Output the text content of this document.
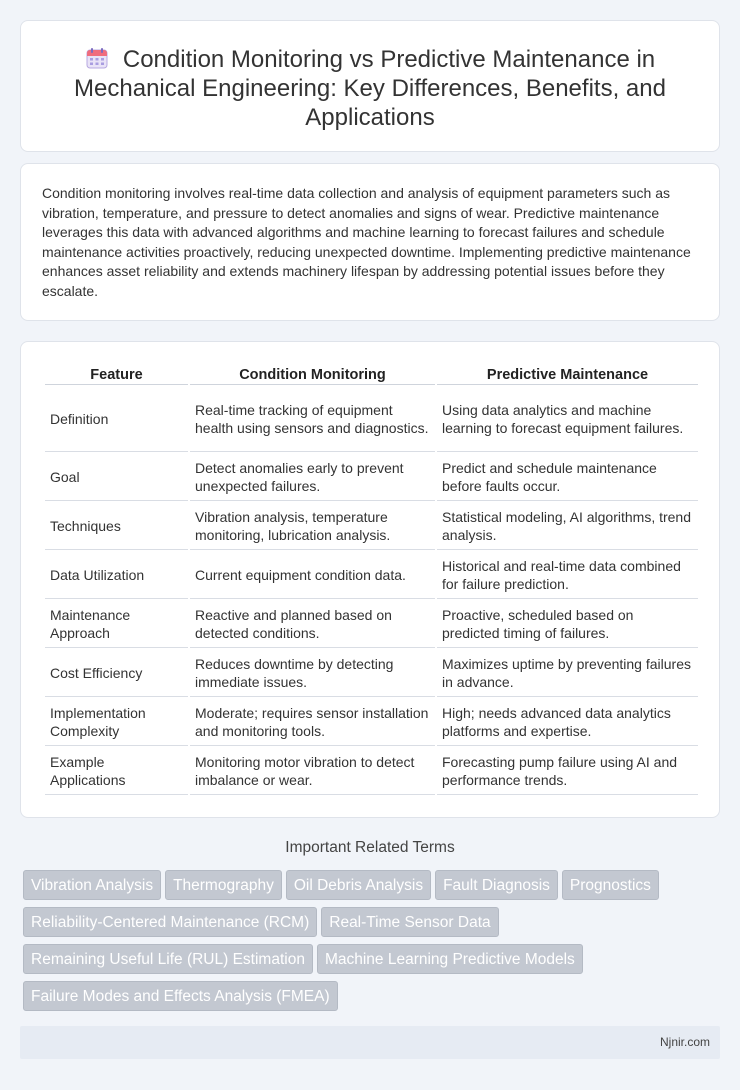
Condition Monitoring vs Predictive Maintenance in Mechanical Engineering: Key Differences, Benefits, and Applications

Condition monitoring involves real-time data collection and analysis of equipment parameters such as vibration, temperature, and pressure to detect anomalies and signs of wear. Predictive maintenance leverages this data with advanced algorithms and machine learning to forecast failures and schedule maintenance activities proactively, reducing unexpected downtime. Implementing predictive maintenance enhances asset reliability and extends machinery lifespan by addressing potential issues before they escalate.

Feature	Condition Monitoring	Predictive Maintenance
Definition	Real-time tracking of equipment health using sensors and diagnostics.	Using data analytics and machine learning to forecast equipment failures.
Goal	Detect anomalies early to prevent unexpected failures.	Predict and schedule maintenance before faults occur.
Techniques	Vibration analysis, temperature monitoring, lubrication analysis.	Statistical modeling, AI algorithms, trend analysis.
Data Utilization	Current equipment condition data.	Historical and real-time data combined for failure prediction.
Maintenance Approach	Reactive and planned based on detected conditions.	Proactive, scheduled based on predicted timing of failures.
Cost Efficiency	Reduces downtime by detecting immediate issues.	Maximizes uptime by preventing failures in advance.
Implementation Complexity	Moderate; requires sensor installation and monitoring tools.	High; needs advanced data analytics platforms and expertise.
Example Applications	Monitoring motor vibration to detect imbalance or wear.	Forecasting pump failure using AI and performance trends.
Important Related Terms
Vibration Analysis Thermography Oil Debris Analysis Fault Diagnosis Prognostics
Reliability-Centered Maintenance (RCM) Real-Time Sensor Data
Remaining Useful Life (RUL) Estimation Machine Learning Predictive Models
Failure Modes and Effects Analysis (FMEA)
Njnir.com
